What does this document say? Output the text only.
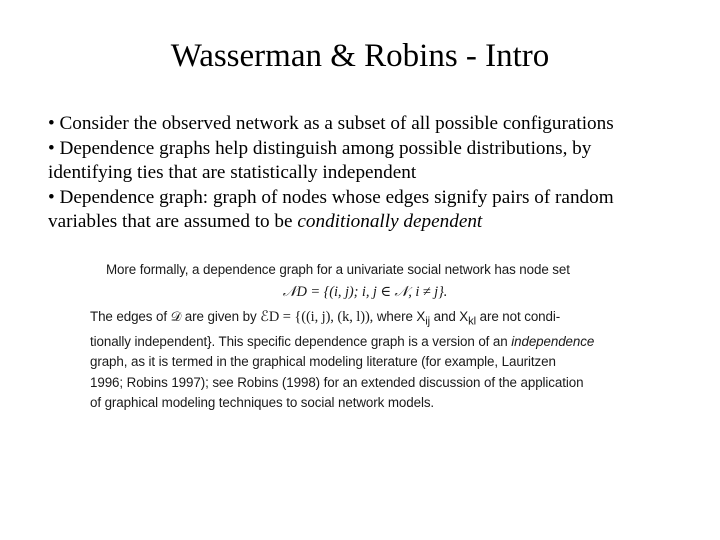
Wasserman & Robins - Intro
• Consider the observed network as a subset of all possible configurations
• Dependence graphs help distinguish among possible distributions, by identifying ties that are statistically independent
• Dependence graph: graph of nodes whose edges signify pairs of random variables that are assumed to be conditionally dependent

More formally, a dependence graph for a univariate social network has node set

𝒩D = {(i, j); i, j ∈ 𝒩, i ≠ j}.

The edges of 𝒟 are given by ℰD = {((i, j), (k, l)), where $X_{ij}$ and $X_{kl}$ are not condi-
tionally independent}. This specific dependence graph is a version of an independence
graph, as it is termed in the graphical modeling literature (for example, Lauritzen
1996; Robins 1997); see Robins (1998) for an extended discussion of the application
of graphical modeling techniques to social network models.
